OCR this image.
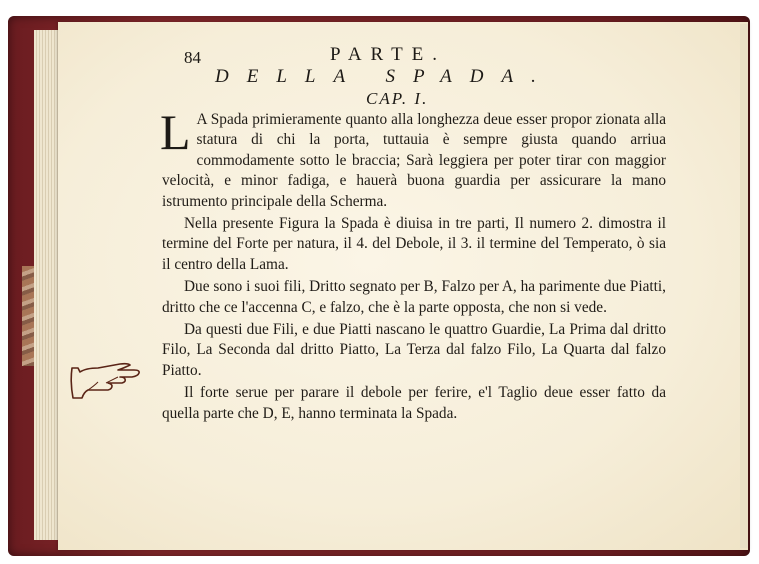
84	PARTE.
DELLA SPADA.
CAP. I.

L A Spada primieramente quanto alla longhezza deue esser propor zionata alla statura di chi la porta, tuttauia è sempre giusta quando arriua commodamente sotto le braccia; Sarà leggiera per poter tirar con maggior velocità, e minor fadiga, e hauerà buona guardia per assicurare la mano istrumento principale della Scherma.

Nella presente Figura la Spada è diuisa in tre parti, Il numero 2. dimostra il termine del Forte per natura, il 4. del Debole, il 3. il termine del Temperato, ò sia il centro della Lama.

Due sono i suoi fili, Dritto segnato per B, Falzo per A, ha parimente due Piatti, dritto che ce l'accenna C, e falzo, che è la parte opposta, che non si vede.

Da questi due Fili, e due Piatti nascano le quattro Guardie, La Prima dal dritto Filo, La Seconda dal dritto Piatto, La Terza dal falzo Filo, La Quarta dal falzo Piatto.

Il forte serue per parare il debole per ferire, e'l Taglio deue esser fatto da quella parte che D, E, hanno terminata la Spada.
